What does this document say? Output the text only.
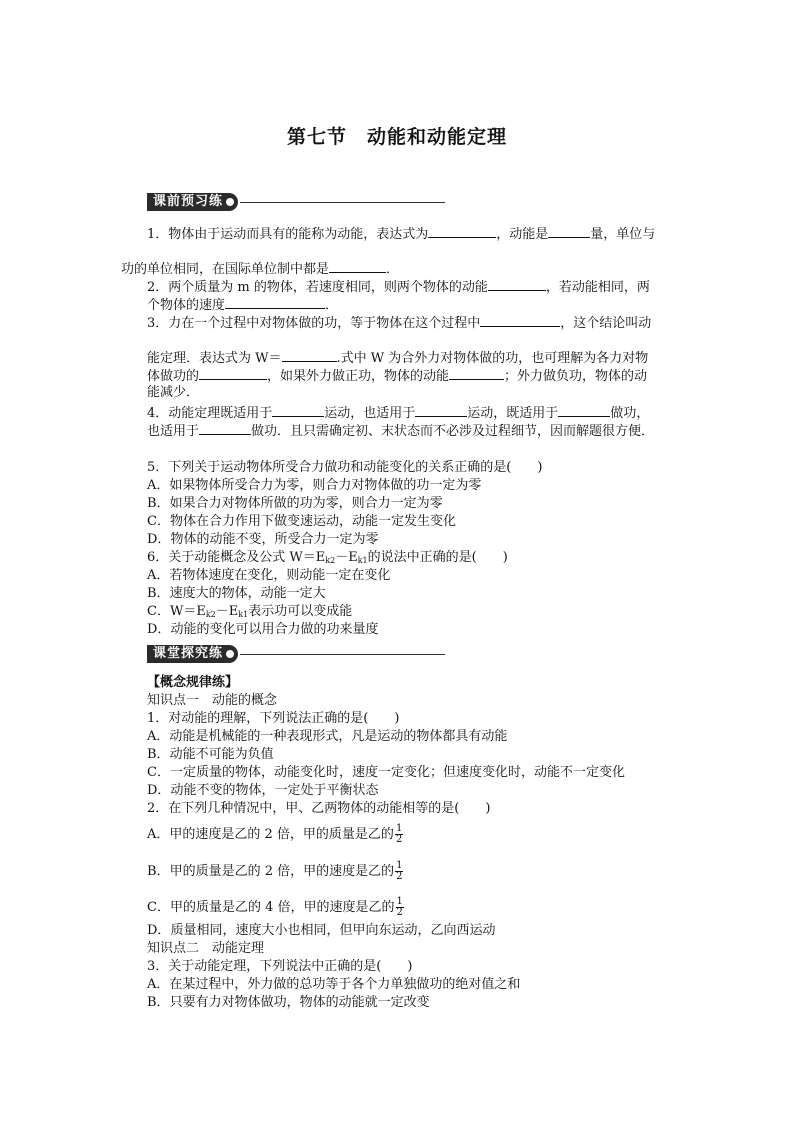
第七节　动能和动能定理
课前预习练
1．物体由于运动而具有的能称为动能，表达式为	，动能是	量，单位与
功的单位相同，在国际单位制中都是	．
2．两个质量为 m 的物体，若速度相同，则两个物体的动能	，若动能相同，两
个物体的速度	．
3．力在一个过程中对物体做的功，等于物体在这个过程中	，这个结论叫动
能定理．表达式为 W＝	.式中 W 为合外力对物体做的功，也可理解为各力对物
体做功的	，如果外力做正功，物体的动能	；外力做负功，物体的动
能减少．
4．动能定理既适用于	运动，也适用于	运动，既适用于	做功，
也适用于	做功．且只需确定初、末状态而不必涉及过程细节，因而解题很方便．
5．下列关于运动物体所受合力做功和动能变化的关系正确的是(　　)
A．如果物体所受合力为零，则合力对物体做的功一定为零
B．如果合力对物体所做的功为零，则合力一定为零
C．物体在合力作用下做变速运动，动能一定发生变化
D．物体的动能不变，所受合力一定为零
6．关于动能概念及公式 $W=E_{k2}-E_{k1}$的说法中正确的是(　　)
A．若物体速度在变化，则动能一定在变化
B．速度大的物体，动能一定大
C．$W=E_{k2}-E_{k1}$表示功可以变成能
D．动能的变化可以用合力做的功来量度
课堂探究练
【概念规律练】
知识点一　动能的概念
1．对动能的理解，下列说法正确的是(　　)
A．动能是机械能的一种表现形式，凡是运动的物体都具有动能
B．动能不可能为负值
C．一定质量的物体，动能变化时，速度一定变化；但速度变化时，动能不一定变化
D．动能不变的物体，一定处于平衡状态
2．在下列几种情况中，甲、乙两物体的动能相等的是(　　)
A．甲的速度是乙的 2 倍，甲的质量是乙的 $\frac{1}{2}$
B．甲的质量是乙的 2 倍，甲的速度是乙的 $\frac{1}{2}$
C．甲的质量是乙的 4 倍，甲的速度是乙的 $\frac{1}{2}$
D．质量相同，速度大小也相同，但甲向东运动，乙向西运动
知识点二　动能定理
3．关于动能定理，下列说法中正确的是(　　)
A．在某过程中，外力做的总功等于各个力单独做功的绝对值之和
B．只要有力对物体做功，物体的动能就一定改变
